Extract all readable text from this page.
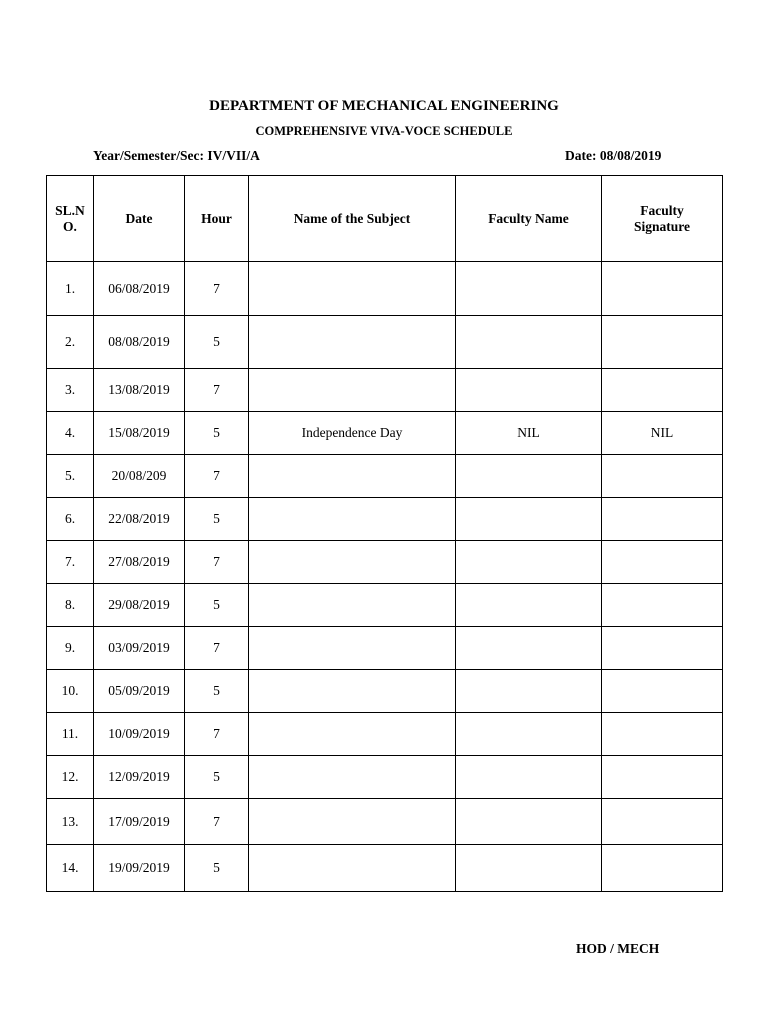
DEPARTMENT OF MECHANICAL ENGINEERING
COMPREHENSIVE VIVA-VOCE SCHEDULE
Year/Semester/Sec: IV/VII/A	Date: 08/08/2019
SL.N O.	Date	Hour	Name of the Subject	Faculty Name	Faculty Signature
1.	06/08/2019	7			
2.	08/08/2019	5			
3.	13/08/2019	7			
4.	15/08/2019	5	Independence Day	NIL	NIL
5.	20/08/209	7			
6.	22/08/2019	5			
7.	27/08/2019	7			
8.	29/08/2019	5			
9.	03/09/2019	7			
10.	05/09/2019	5			
11.	10/09/2019	7			
12.	12/09/2019	5			
13.	17/09/2019	7			
14.	19/09/2019	5			
HOD / MECH
